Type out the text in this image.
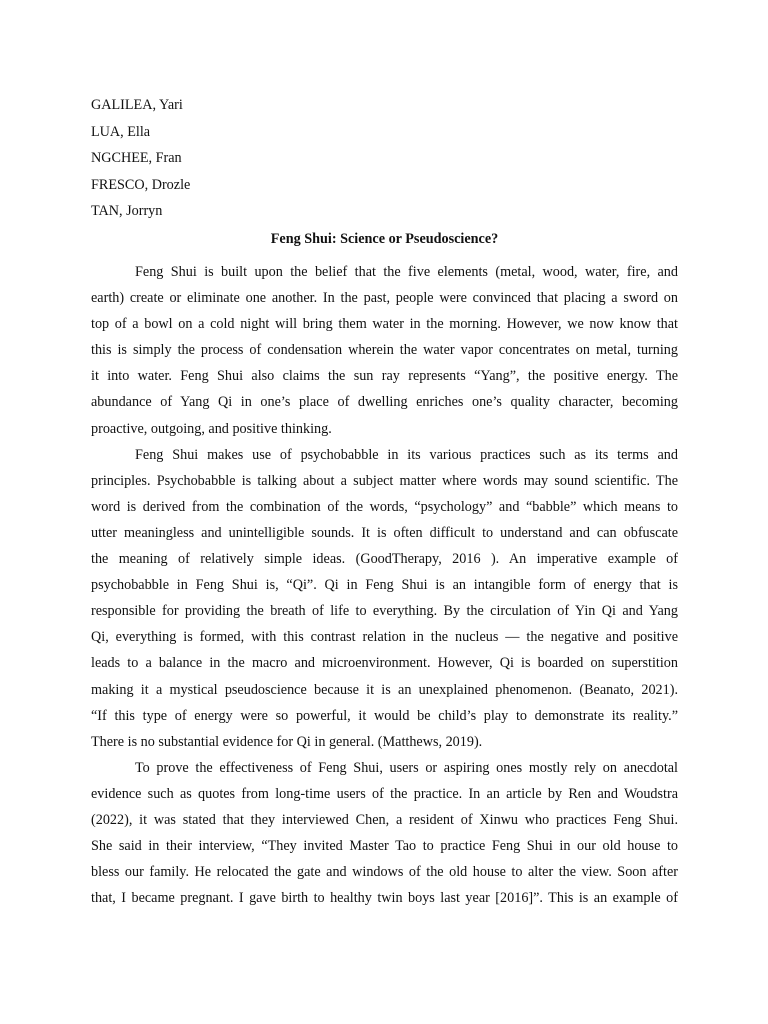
GALILEA, Yari
LUA, Ella
NGCHEE, Fran
FRESCO, Drozle
TAN, Jorryn
Feng Shui: Science or Pseudoscience?
Feng Shui is built upon the belief that the five elements (metal, wood, water, fire, and
earth) create or eliminate one another. In the past, people were convinced that placing a sword on
top of a bowl on a cold night will bring them water in the morning. However, we now know that
this is simply the process of condensation wherein the water vapor concentrates on metal, turning
it into water. Feng Shui also claims the sun ray represents “Yang”, the positive energy. The
abundance of Yang Qi in one’s place of dwelling enriches one’s quality character, becoming
proactive, outgoing, and positive thinking.
Feng Shui makes use of psychobabble in its various practices such as its terms and
principles. Psychobabble is talking about a subject matter where words may sound scientific. The
word is derived from the combination of the words, “psychology” and “babble” which means to
utter meaningless and unintelligible sounds. It is often difficult to understand and can obfuscate
the meaning of relatively simple ideas. (GoodTherapy, 2016 ). An imperative example of
psychobabble in Feng Shui is, “Qi”. Qi in Feng Shui is an intangible form of energy that is
responsible for providing the breath of life to everything. By the circulation of Yin Qi and Yang
Qi, everything is formed, with this contrast relation in the nucleus — the negative and positive
leads to a balance in the macro and microenvironment. However, Qi is boarded on superstition
making it a mystical pseudoscience because it is an unexplained phenomenon. (Beanato, 2021).
“If this type of energy were so powerful, it would be child’s play to demonstrate its reality.”
There is no substantial evidence for Qi in general. (Matthews, 2019).
To prove the effectiveness of Feng Shui, users or aspiring ones mostly rely on anecdotal
evidence such as quotes from long-time users of the practice. In an article by Ren and Woudstra
(2022), it was stated that they interviewed Chen, a resident of Xinwu who practices Feng Shui.
She said in their interview, “They invited Master Tao to practice Feng Shui in our old house to
bless our family. He relocated the gate and windows of the old house to alter the view. Soon after
that, I became pregnant. I gave birth to healthy twin boys last year [2016]”. This is an example of
